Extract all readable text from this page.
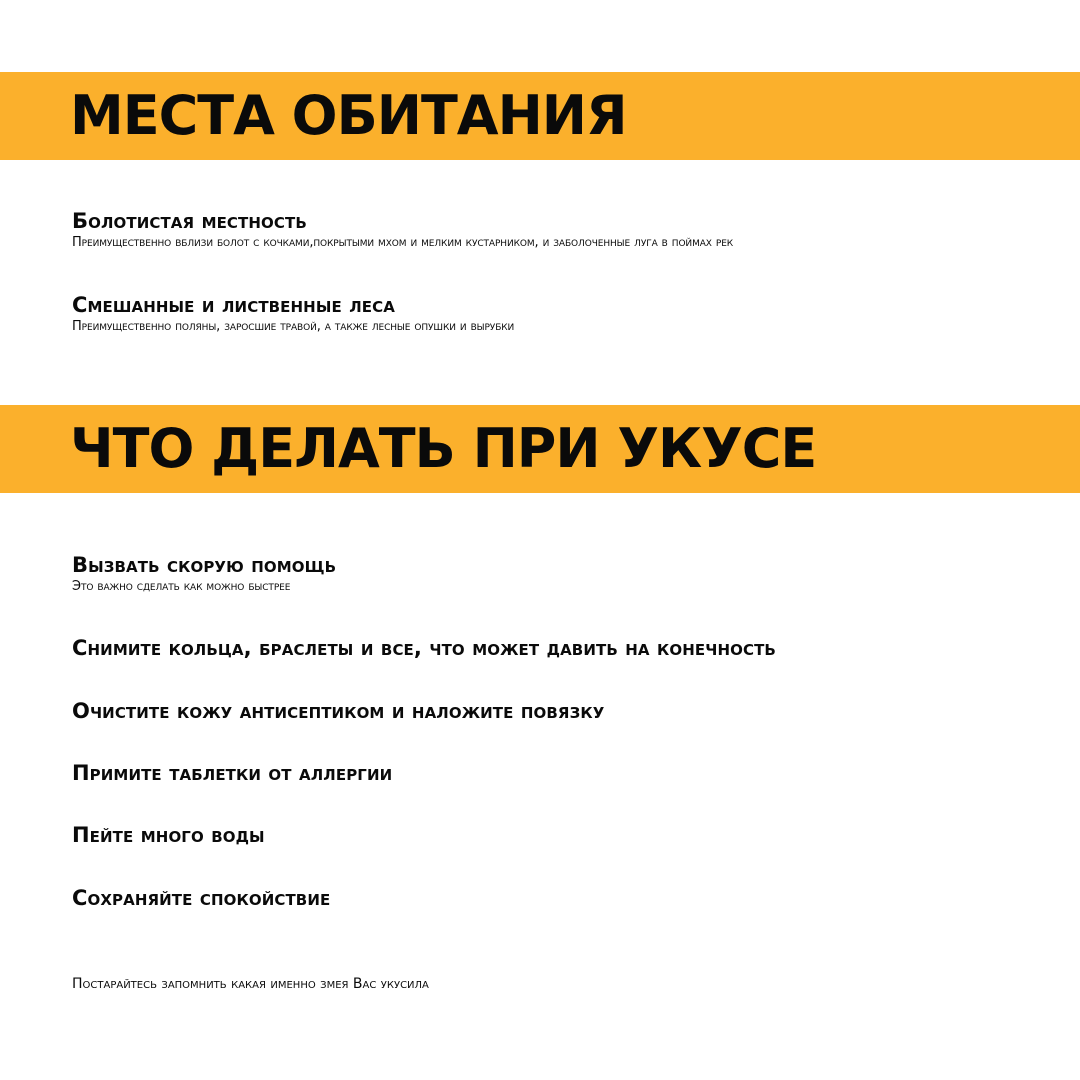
МЕСТА ОБИТАНИЯ
Болотистая местность
Преимущественно вблизи болот с кочками,покрытыми мхом и мелким кустарником, и заболоченные луга в поймах рек
Смешанные и лиственные леса
Преимущественно поляны, заросшие травой, а также лесные опушки и вырубки
ЧТО ДЕЛАТЬ ПРИ УКУСЕ
Вызвать скорую помощь
Это важно сделать как можно быстрее
Снимите кольца, браслеты и все, что может давить на конечность
Очистите кожу антисептиком и наложите повязку
Примите таблетки от аллергии
Пейте много воды
Сохраняйте спокойствие
Постарайтесь запомнить какая именно змея Вас укусила
